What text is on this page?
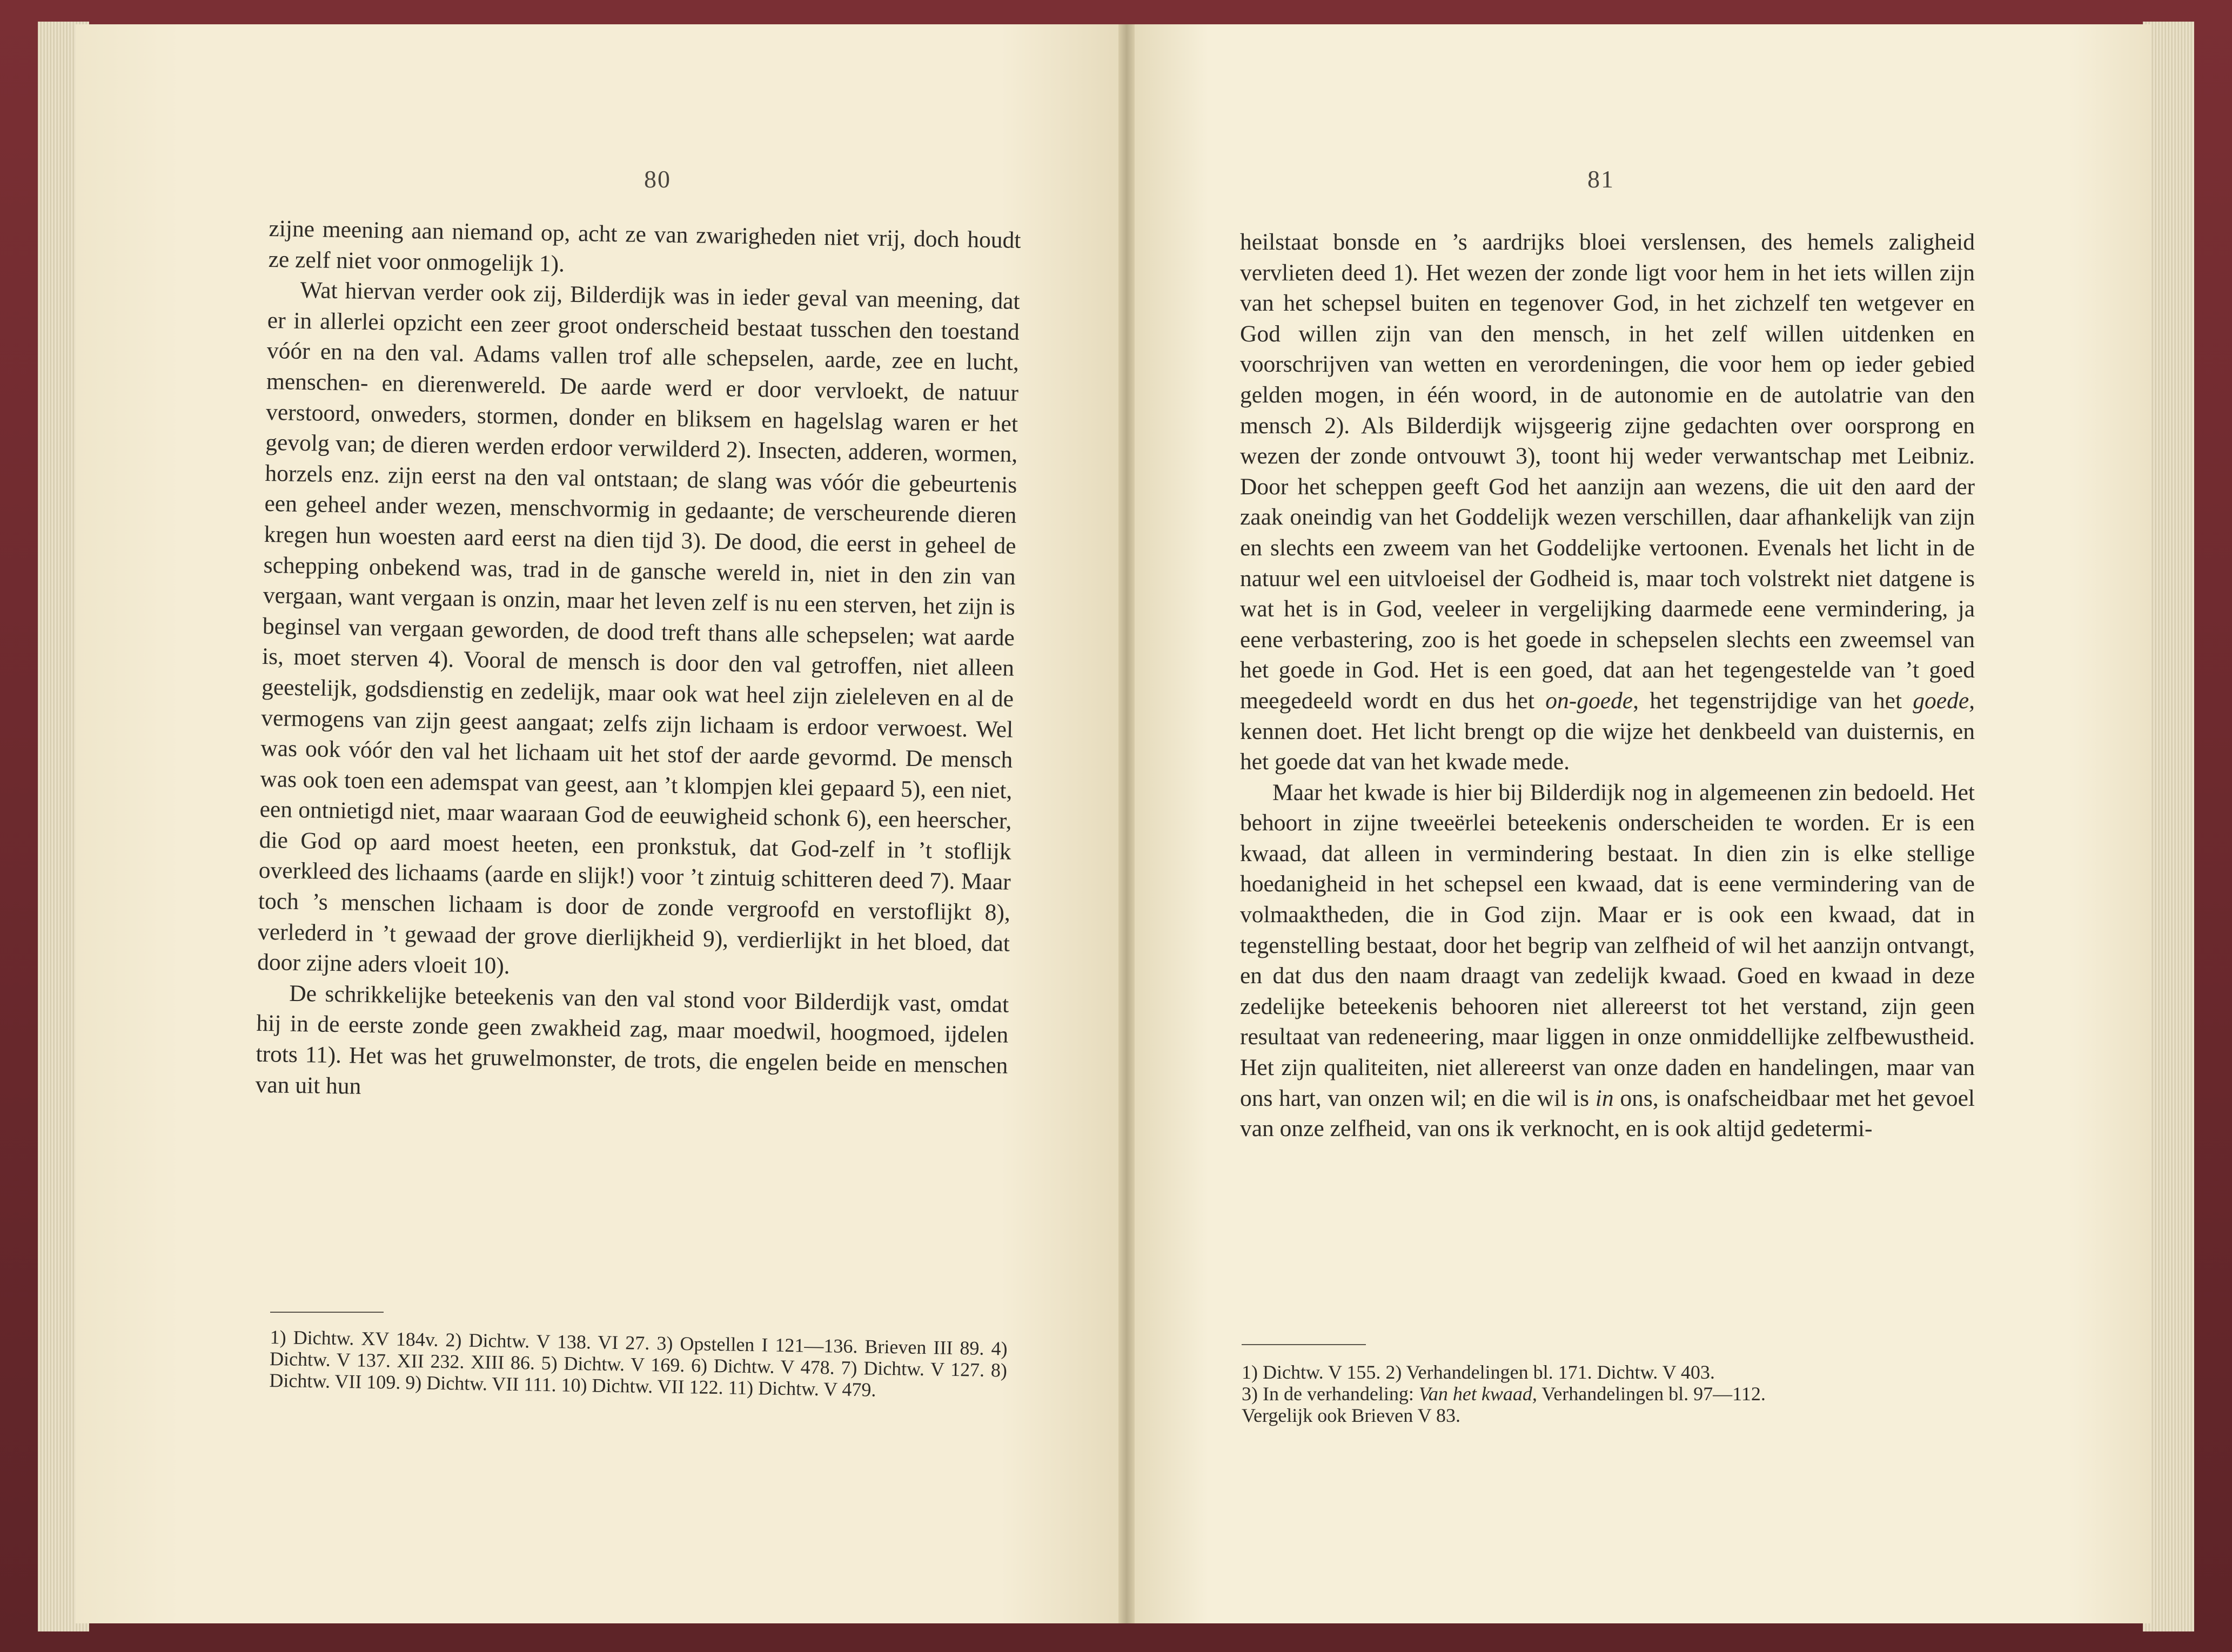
80

zijne meening aan niemand op, acht ze van zwarigheden niet vrij, doch houdt ze zelf niet voor onmogelijk 1).

Wat hiervan verder ook zij, Bilderdijk was in ieder geval van meening, dat er in allerlei opzicht een zeer groot onderscheid bestaat tusschen den toestand vóór en na den val. Adams vallen trof alle schepselen, aarde, zee en lucht, menschen- en dierenwereld. De aarde werd er door vervloekt, de natuur verstoord, onweders, stormen, donder en bliksem en hagelslag waren er het gevolg van; de dieren werden erdoor verwilderd 2). Insecten, adderen, wormen, horzels enz. zijn eerst na den val ontstaan; de slang was vóór die gebeurtenis een geheel ander wezen, menschvormig in gedaante; de verscheurende dieren kregen hun woesten aard eerst na dien tijd 3). De dood, die eerst in geheel de schepping onbekend was, trad in de gansche wereld in, niet in den zin van vergaan, want vergaan is onzin, maar het leven zelf is nu een sterven, het zijn is beginsel van vergaan geworden, de dood treft thans alle schepselen; wat aarde is, moet sterven 4). Vooral de mensch is door den val getroffen, niet alleen geestelijk, godsdienstig en zedelijk, maar ook wat heel zijn zieleleven en al de vermogens van zijn geest aangaat; zelfs zijn lichaam is erdoor verwoest. Wel was ook vóór den val het lichaam uit het stof der aarde gevormd. De mensch was ook toen een ademspat van geest, aan ’t klompjen klei gepaard 5), een niet, een ontnietigd niet, maar waaraan God de eeuwigheid schonk 6), een heerscher, die God op aard moest heeten, een pronkstuk, dat God-zelf in ’t stoflijk overkleed des lichaams (aarde en slijk!) voor ’t zintuig schitteren deed 7). Maar toch ’s menschen lichaam is door de zonde vergroofd en verstoflijkt 8), verlederd in ’t gewaad der grove dierlijkheid 9), verdierlijkt in het bloed, dat door zijne aders vloeit 10).

De schrikkelijke beteekenis van den val stond voor Bilderdijk vast, omdat hij in de eerste zonde geen zwakheid zag, maar moedwil, hoogmoed, ijdelen trots 11). Het was het gruwelmonster, de trots, die engelen beide en menschen van uit hun

1) Dichtw. XV 184v. 2) Dichtw. V 138. VI 27. 3) Opstellen I 121—136. Brieven III 89. 4) Dichtw. V 137. XII 232. XIII 86. 5) Dichtw. V 169. 6) Dichtw. V 478. 7) Dichtw. V 127. 8) Dichtw. VII 109. 9) Dichtw. VII 111. 10) Dichtw. VII 122. 11) Dichtw. V 479.

81

heilstaat bonsde en ’s aardrijks bloei verslensen, des hemels zaligheid vervlieten deed 1). Het wezen der zonde ligt voor hem in het iets willen zijn van het schepsel buiten en tegenover God, in het zichzelf ten wetgever en God willen zijn van den mensch, in het zelf willen uitdenken en voorschrijven van wetten en verordeningen, die voor hem op ieder gebied gelden mogen, in één woord, in de autonomie en de autolatrie van den mensch 2). Als Bilderdijk wijsgeerig zijne gedachten over oorsprong en wezen der zonde ontvouwt 3), toont hij weder verwantschap met Leibniz. Door het scheppen geeft God het aanzijn aan wezens, die uit den aard der zaak oneindig van het Goddelijk wezen verschillen, daar afhankelijk van zijn en slechts een zweem van het Goddelijke vertoonen. Evenals het licht in de natuur wel een uitvloeisel der Godheid is, maar toch volstrekt niet datgene is wat het is in God, veeleer in vergelijking daarmede eene vermindering, ja eene verbastering, zoo is het goede in schepselen slechts een zweemsel van het goede in God. Het is een goed, dat aan het tegengestelde van ’t goed meegedeeld wordt en dus het on-goede, het tegenstrijdige van het goede, kennen doet. Het licht brengt op die wijze het denkbeeld van duisternis, en het goede dat van het kwade mede.

Maar het kwade is hier bij Bilderdijk nog in algemeenen zin bedoeld. Het behoort in zijne tweeërlei beteekenis onderscheiden te worden. Er is een kwaad, dat alleen in vermindering bestaat. In dien zin is elke stellige hoedanigheid in het schepsel een kwaad, dat is eene vermindering van de volmaaktheden, die in God zijn. Maar er is ook een kwaad, dat in tegenstelling bestaat, door het begrip van zelfheid of wil het aanzijn ontvangt, en dat dus den naam draagt van zedelijk kwaad. Goed en kwaad in deze zedelijke beteekenis behooren niet allereerst tot het verstand, zijn geen resultaat van redeneering, maar liggen in onze onmiddellijke zelfbewustheid. Het zijn qualiteiten, niet allereerst van onze daden en handelingen, maar van ons hart, van onzen wil; en die wil is in ons, is onafscheidbaar met het gevoel van onze zelfheid, van ons ik verknocht, en is ook altijd gedetermi-

1) Dichtw. V 155. 2) Verhandelingen bl. 171. Dichtw. V 403.

3) In de verhandeling: Van het kwaad, Verhandelingen bl. 97—112.

Vergelijk ook Brieven V 83.
